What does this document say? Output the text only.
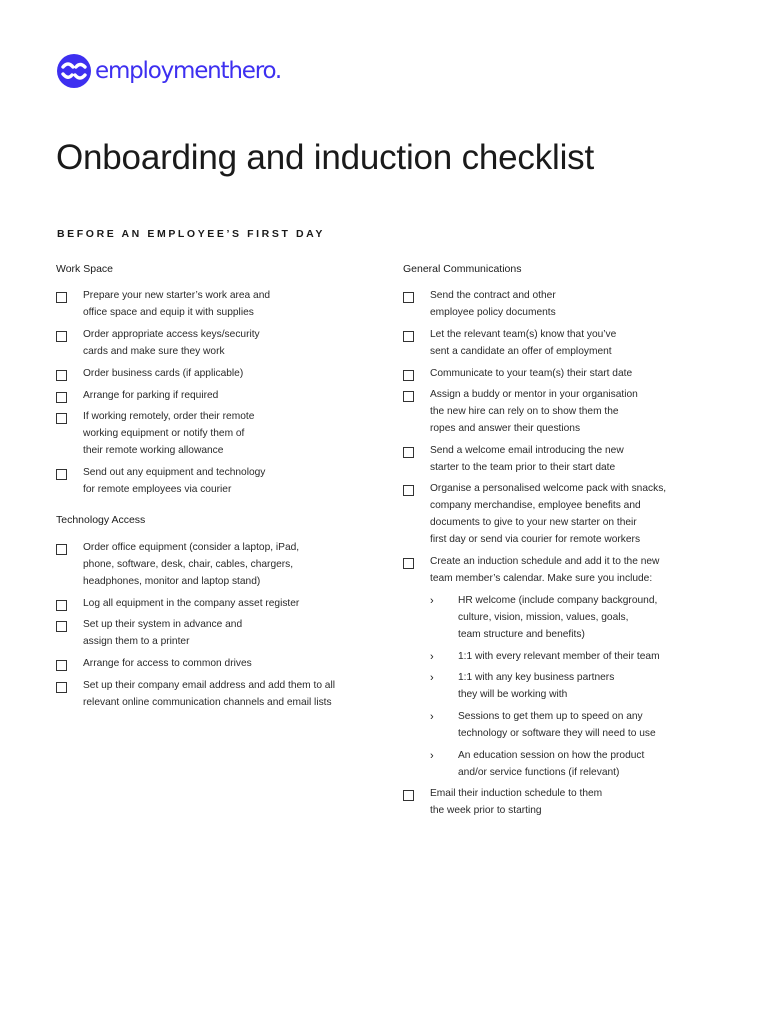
employmenthero.
Onboarding and induction checklist
BEFORE AN EMPLOYEE’S FIRST DAY
Work Space
Prepare your new starter’s work area and
office space and equip it with supplies
Order appropriate access keys/security
cards and make sure they work
Order business cards (if applicable)
Arrange for parking if required
If working remotely, order their remote
working equipment or notify them of
their remote working allowance
Send out any equipment and technology
for remote employees via courier
Technology Access
Order office equipment (consider a laptop, iPad,
phone, software, desk, chair, cables, chargers,
headphones, monitor and laptop stand)
Log all equipment in the company asset register
Set up their system in advance and
assign them to a printer
Arrange for access to common drives
Set up their company email address and add them to all
relevant online communication channels and email lists
General Communications
Send the contract and other
employee policy documents
Let the relevant team(s) know that you’ve
sent a candidate an offer of employment
Communicate to your team(s) their start date
Assign a buddy or mentor in your organisation
the new hire can rely on to show them the
ropes and answer their questions
Send a welcome email introducing the new
starter to the team prior to their start date
Organise a personalised welcome pack with snacks,
company merchandise, employee benefits and
documents to give to your new starter on their
first day or send via courier for remote workers
Create an induction schedule and add it to the new
team member’s calendar. Make sure you include:
›	HR welcome (include company background,
culture, vision, mission, values, goals,
team structure and benefits)
›	1:1 with every relevant member of their team
›	1:1 with any key business partners
they will be working with
›	Sessions to get them up to speed on any
technology or software they will need to use
›	An education session on how the product
and/or service functions (if relevant)
Email their induction schedule to them
the week prior to starting
